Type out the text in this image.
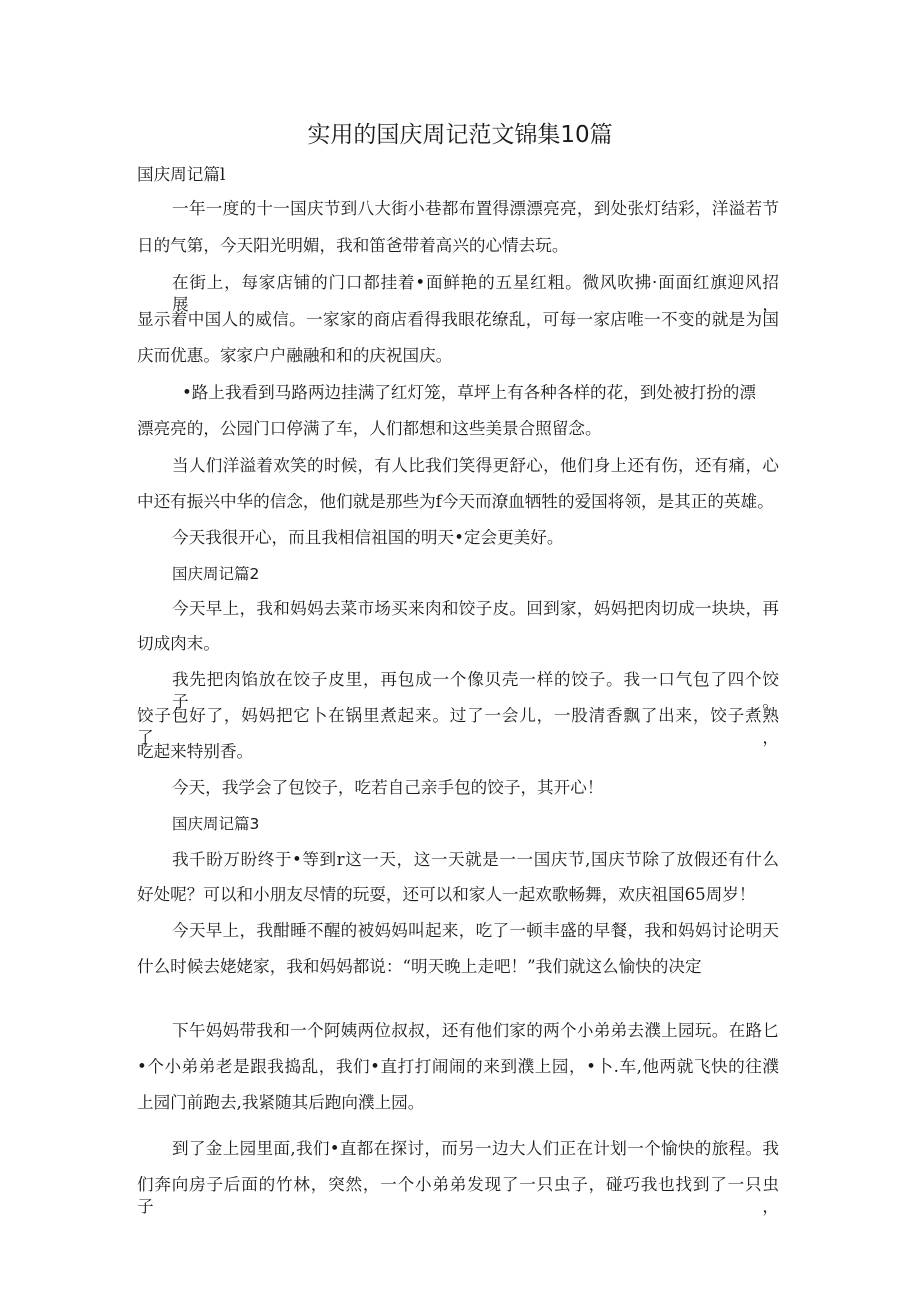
实用的国庆周记范文锦集10篇

国庆周记篇l

一年一度的十一国庆节到八大街小巷都布置得漂漂亮亮，到处张灯结彩，洋溢若节

日的气第，今天阳光明媚，我和笛爸带着高兴的心情去玩。

在街上，每家店铺的门口都挂着•面鲜艳的五星红粗。微风吹拂·面面红旗迎风招展，

显示着中国人的威信。一家家的商店看得我眼花缭乱，可每一家店唯一不变的就是为国

庆而优惠。家家户户融融和和的庆祝国庆。

•路上我看到马路两边挂满了红灯笼，草坪上有各种各样的花，到处被打扮的漂

漂亮亮的，公园门口停满了车，人们都想和这些美景合照留念。

当人们洋溢着欢笑的时候，有人比我们笑得更舒心，他们身上还有伤，还有痛，心

中还有振兴中华的信念，他们就是那些为f今天而潦血牺牲的爱国将领，是其正的英雄。

今天我很开心，而且我相信祖国的明天•定会更美好。

国庆周记篇2

今天早上，我和妈妈去菜市场买来肉和饺子皮。回到家，妈妈把肉切成一块块，再

切成肉末。

我先把肉馅放在饺子皮里，再包成一个像贝壳一样的饺子。我一口气包了四个饺子。

饺子包好了，妈妈把它卜在锅里煮起来。过了一会儿，一股清香飘了出来，饺子煮熟了，

吃起来特别香。

今天，我学会了包饺子，吃若自己亲手包的饺子，其开心！

国庆周记篇3

我千盼万盼终于•等到r这一天，这一天就是一一国庆节,国庆节除了放假还有什么

好处呢？可以和小朋友尽情的玩耍，还可以和家人一起欢歌畅舞，欢庆祖国65周岁！

今天早上，我酣睡不醒的被妈妈叫起来，吃了一顿丰盛的早餐，我和妈妈讨论明天

什么时候去姥姥家，我和妈妈都说：“明天晚上走吧！”我们就这么愉快的决定

下午妈妈带我和一个阿姨两位叔叔，还有他们家的两个小弟弟去濮上园玩。在路匕

•个小弟弟老是跟我捣乱，我们•直打打闹闹的来到濮上园，•卜.车,他两就飞快的往濮

上园门前跑去,我紧随其后跑向濮上园。

到了金上园里面,我们•直都在探讨，而另一边大人们正在计划一个愉快的旅程。我

们奔向房子后面的竹林，突然，一个小弟弟发现了一只虫子，碰巧我也找到了一只虫子，
